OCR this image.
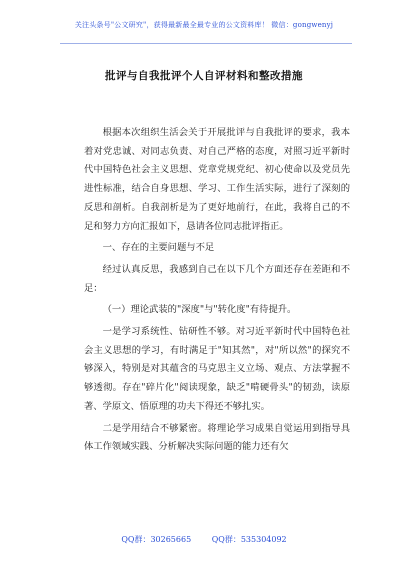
关注头条号"公文研究"，获得最新最全最专业的公文资料库！ 微信：gongwenyj
批评与自我批评个人自评材料和整改措施

根据本次组织生活会关于开展批评与自我批评的要求，我本着对党忠诚、对同志负责、对自己严格的态度，对照习近平新时代中国特色社会主义思想、党章党规党纪、初心使命以及党员先进性标准，结合自身思想、学习、工作生活实际，进行了深刻的反思和剖析。自我剖析是为了更好地前行，在此，我将自己的不足和努力方向汇报如下，恳请各位同志批评指正。

一、存在的主要问题与不足

经过认真反思，我感到自己在以下几个方面还存在差距和不足：

（一）理论武装的"深度"与"转化度"有待提升。

一是学习系统性、钻研性不够。对习近平新时代中国特色社会主义思想的学习，有时满足于"知其然"，对"所以然"的探究不够深入，特别是对其蕴含的马克思主义立场、观点、方法掌握不够透彻。存在"碎片化"阅读现象，缺乏"啃硬骨头"的韧劲，读原著、学原文、悟原理的功夫下得还不够扎实。

二是学用结合不够紧密。将理论学习成果自觉运用到指导具体工作领域实践、分析解决实际问题的能力还有欠

QQ群：30265665	QQ群：535304092
